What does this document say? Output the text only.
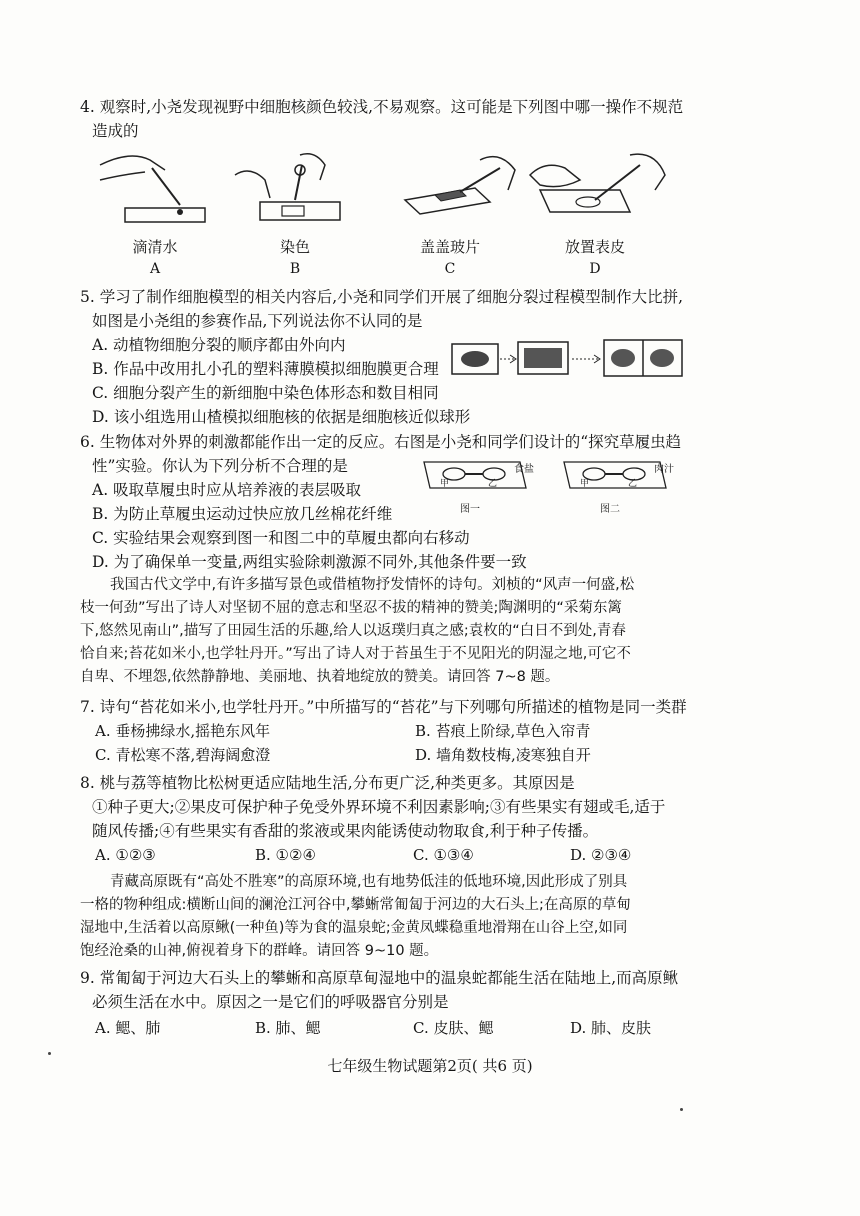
4. 观察时,小尧发现视野中细胞核颜色较浅,不易观察。这可能是下列图中哪一操作不规范
造成的
滴清水
A
染色
B
盖盖玻片
C
放置表皮
D
5. 学习了制作细胞模型的相关内容后,小尧和同学们开展了细胞分裂过程模型制作大比拼,
如图是小尧组的参赛作品,下列说法你不认同的是
A. 动植物细胞分裂的顺序都由外向内
B. 作品中改用扎小孔的塑料薄膜模拟细胞膜更合理
C. 细胞分裂产生的新细胞中染色体形态和数目相同
D. 该小组选用山楂模拟细胞核的依据是细胞核近似球形
6. 生物体对外界的刺激都能作出一定的反应。右图是小尧和同学们设计的“探究草履虫趋
性”实验。你认为下列分析不合理的是
A. 吸取草履虫时应从培养液的表层吸取
B. 为防止草履虫运动过快应放几丝棉花纤维
C. 实验结果会观察到图一和图二中的草履虫都向右移动
D. 为了确保单一变量,两组实验除刺激源不同外,其他条件要一致
甲	乙
食盐
图一
甲	乙
肉汁
图二

我国古代文学中,有许多描写景色或借植物抒发情怀的诗句。刘桢的“风声一何盛,松

枝一何劲”写出了诗人对坚韧不屈的意志和坚忍不拔的精神的赞美;陶渊明的“采菊东篱

下,悠然见南山”,描写了田园生活的乐趣,给人以返璞归真之感;袁枚的“白日不到处,青春

恰自来;苔花如米小,也学牡丹开。”写出了诗人对于苔虽生于不见阳光的阴湿之地,可它不

自卑、不埋怨,依然静静地、美丽地、执着地绽放的赞美。请回答 7~8 题。

7. 诗句“苔花如米小,也学牡丹开。”中所描写的“苔花”与下列哪句所描述的植物是同一类群
A. 垂杨拂绿水,摇艳东风年	B. 苔痕上阶绿,草色入帘青
C. 青松寒不落,碧海阔愈澄	D. 墙角数枝梅,凌寒独自开
8. 桃与荔等植物比松树更适应陆地生活,分布更广泛,种类更多。其原因是
①种子更大;②果皮可保护种子免受外界环境不利因素影响;③有些果实有翅或毛,适于
随风传播;④有些果实有香甜的浆液或果肉能诱使动物取食,利于种子传播。
A. ①②③	B. ①②④	C. ①③④	D. ②③④

青藏高原既有“高处不胜寒”的高原环境,也有地势低洼的低地环境,因此形成了别具

一格的物种组成:横断山间的澜沧江河谷中,攀蜥常匍匐于河边的大石头上;在高原的草甸

湿地中,生活着以高原鳅(一种鱼)等为食的温泉蛇;金黄凤蝶稳重地滑翔在山谷上空,如同

饱经沧桑的山神,俯视着身下的群峰。请回答 9~10 题。

9. 常匍匐于河边大石头上的攀蜥和高原草甸湿地中的温泉蛇都能生活在陆地上,而高原鳅
必须生活在水中。原因之一是它们的呼吸器官分别是
A. 鳃、肺	B. 肺、鳃	C. 皮肤、鳃	D. 肺、皮肤
七年级生物试题第2页( 共6 页)
